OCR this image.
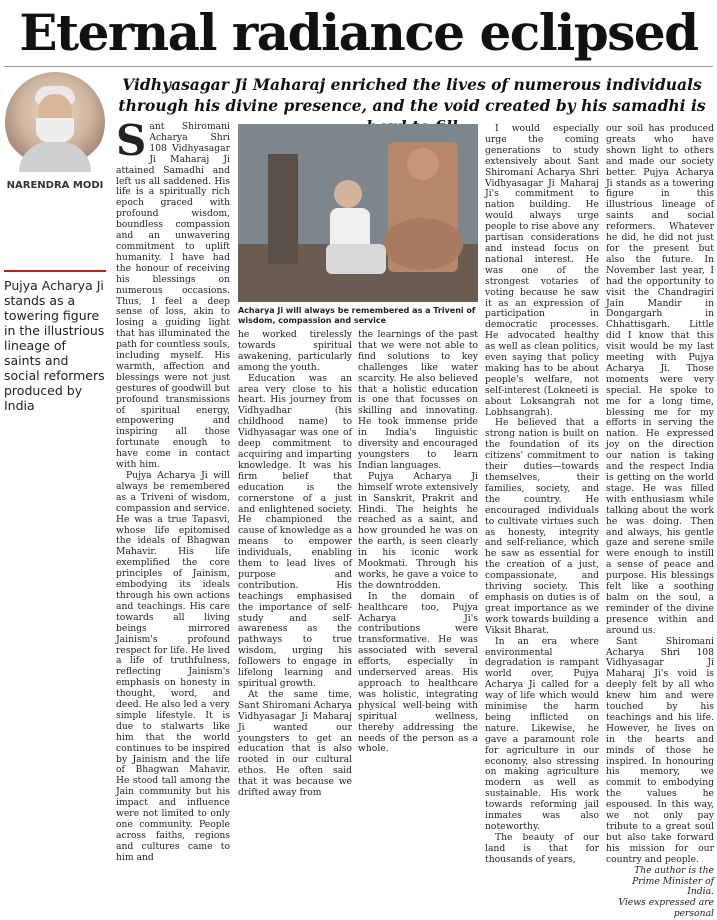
Eternal radiance eclipsed
NARENDRA MODI
Vidhyasagar Ji Maharaj enriched the lives of numerous individuals through his divine presence, and the void created by his samadhi is
Pujya Acharya Ji stands as a towering figure in the illustrious lineage of saints and social reformers produced by India

Sant Shiromani Acharya Shri 108 Vidhyasagar Ji Maharaj Ji attained Samadhi and left us all saddened. His life is a spiritually rich epoch graced with profound wisdom, boundless compassion and an unwavering commitment to uplift humanity. I have had the honour of receiving his blessings on numerous occasions. Thus, I feel a deep sense of loss, akin to losing a guiding light that has illuminated the path for countless souls, including myself. His warmth, affection and blessings were not just gestures of goodwill but profound transmissions of spiritual energy, empowering and inspiring all those fortunate enough to have come in contact with him.

Pujya Acharya Ji will always be remembered as a Triveni of wisdom, compassion and service. He was a true Tapasvi, whose life epitomised the ideals of Bhagwan Mahavir. His life exemplified the core principles of Jainism, embodying its ideals through his own actions and teachings. His care towards all living beings mirrored Jainism's profound respect for life. He lived a life of truthfulness, reflecting Jainism's emphasis on honesty in thought, word, and deed. He also led a very simple lifestyle. It is due to stalwarts like him that the world continues to be inspired by Jainism and the life of Bhagwan Mahavir. He stood tall among the Jain community but his impact and influence were not limited to only one community. People across faiths, regions and cultures came to him and

Acharya Ji will always be remembered as a Triveni of wisdom, compassion and service

he worked tirelessly towards spiritual awakening, particularly among the youth.

Education was an area very close to his heart. His journey from Vidhyadhar (his childhood name) to Vidhyasagar was one of deep commitment to acquiring and imparting knowledge. It was his firm belief that education is the cornerstone of a just and enlightened society. He championed the cause of knowledge as a means to empower individuals, enabling them to lead lives of purpose and contribution. His teachings emphasised the importance of self-study and self-awareness as the pathways to true wisdom, urging his followers to engage in lifelong learning and spiritual growth.

At the same time, Sant Shiromani Acharya Vidhyasagar Ji Maharaj Ji wanted our youngsters to get an education that is also rooted in our cultural ethos. He often said that it was because we drifted away from

the learnings of the past that we were not able to find solutions to key challenges like water scarcity. He also believed that a holistic education is one that focusses on skilling and innovating. He took immense pride in India's linguistic diversity and encouraged youngsters to learn Indian languages.

Pujya Acharya Ji himself wrote extensively in Sanskrit, Prakrit and Hindi. The heights he reached as a saint, and how grounded he was on the earth, is seen clearly in his iconic work Mookmati. Through his works, he gave a voice to the downtrodden.

In the domain of healthcare too, Pujya Acharya Ji's contributions were transformative. He was associated with several efforts, especially in underserved areas. His approach to healthcare was holistic, integrating physical well-being with spiritual wellness, thereby addressing the needs of the person as a whole.

I would especially urge the coming generations to study extensively about Sant Shiromani Acharya Shri Vidhyasagar Ji Maharaj Ji's commitment to nation building. He would always urge people to rise above any partisan considerations and instead focus on national interest. He was one of the strongest votaries of voting because he saw it as an expression of participation in democratic processes. He advocated healthy as well as clean politics, even saying that policy making has to be about people's welfare, not self-interest (Lokneeti is about Loksangrah not Lobhsangrah).

He believed that a strong nation is built on the foundation of its citizens' commitment to their duties—towards themselves, their families, society, and the country. He encouraged individuals to cultivate virtues such as honesty, integrity and self-reliance, which he saw as essential for the creation of a just, compassionate, and thriving society. This emphasis on duties is of great importance as we work towards building a Viksit Bharat.

In an era where environmental degradation is rampant world over, Pujya Acharya Ji called for a way of life which would minimise the harm being inflicted on nature. Likewise, he gave a paramount role for agriculture in our economy, also stressing on making agriculture modern as well as sustainable. His work towards reforming jail inmates was also noteworthy.

The beauty of our land is that for thousands of years,

our soil has produced greats who have shown light to others and made our society better. Pujya Acharya Ji stands as a towering figure in this illustrious lineage of saints and social reformers. Whatever he did, he did not just for the present but also the future. In November last year, I had the opportunity to visit the Chandragiri Jain Mandir in Dongargarh in Chhattisgarh. Little did I know that this visit would be my last meeting with Pujya Acharya Ji. Those moments were very special. He spoke to me for a long time, blessing me for my efforts in serving the nation. He expressed joy on the direction our nation is taking and the respect India is getting on the world stage. He was filled with enthusiasm while talking about the work he was doing. Then and always, his gentle gaze and serene smile were enough to instill a sense of peace and purpose. His blessings felt like a soothing balm on the soul, a reminder of the divine presence within and around us.

Sant Shiromani Acharya Shri 108 Vidhyasagar Ji Maharaj Ji's void is deeply felt by all who knew him and were touched by his teachings and his life. However, he lives on in the hearts and minds of those he inspired. In honouring his memory, we commit to embodying the values he espoused. In this way, we not only pay tribute to a great soul but also take forward his mission for our country and people.

The author is the Prime Minister of India.

Views expressed are personal
